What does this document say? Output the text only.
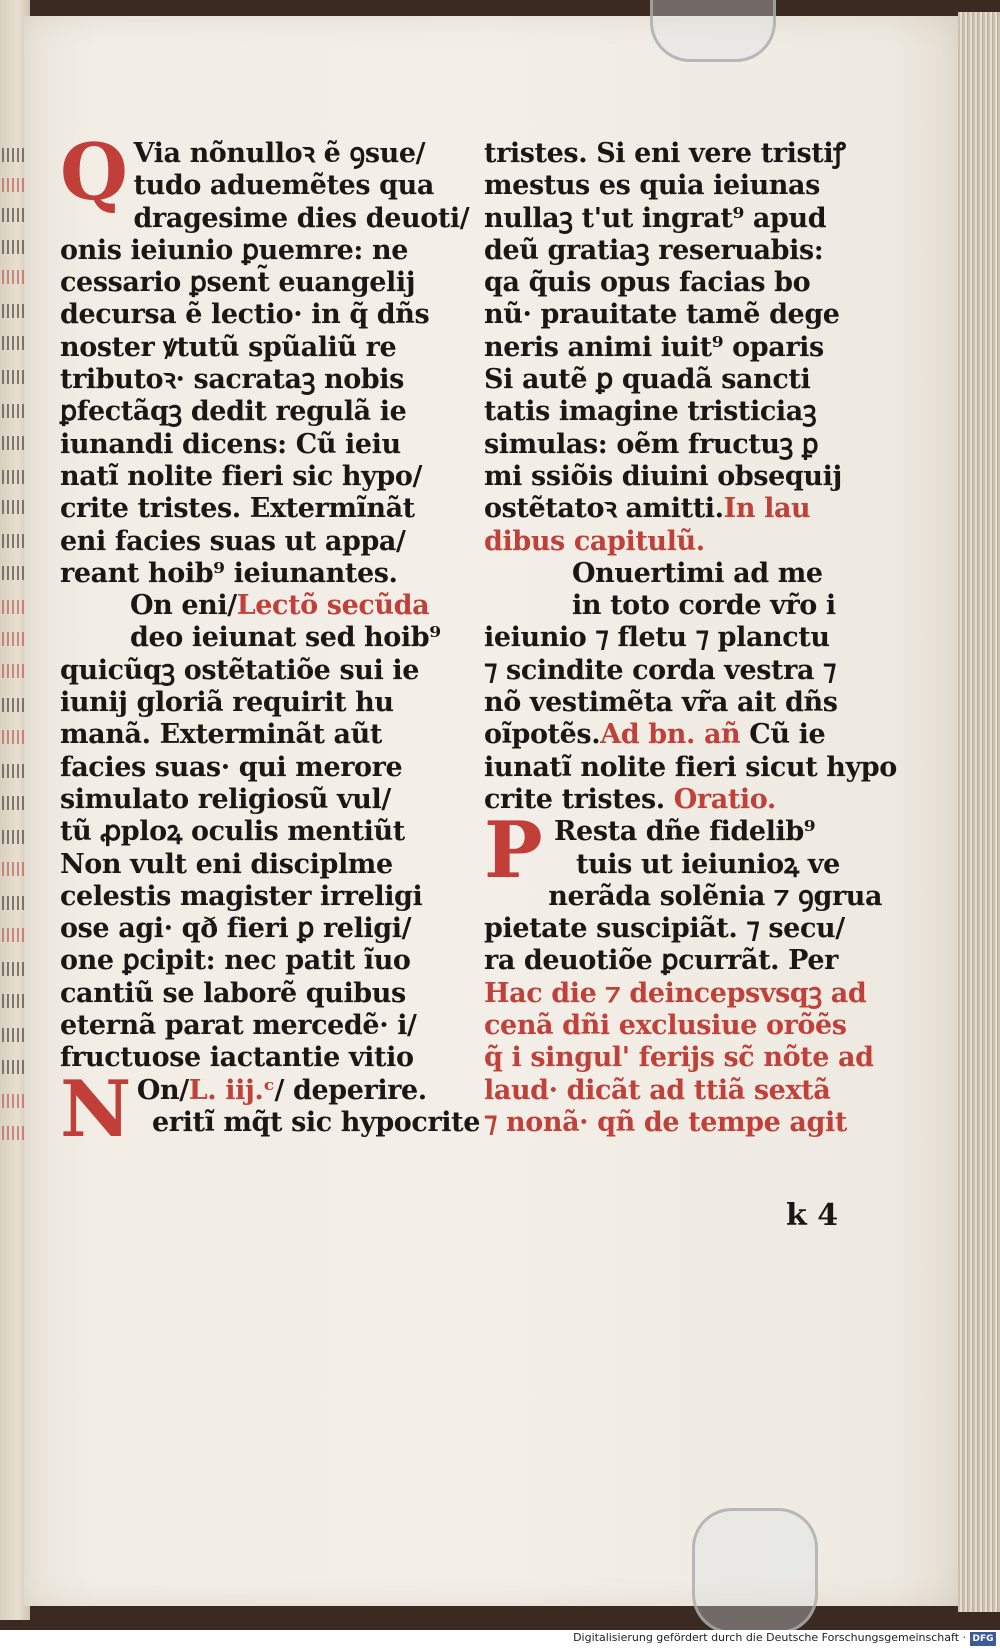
Q Via nõnulloꝛ ẽ ꝯsue/
tudo aduemẽtes qua
dragesime dies deuoti/
onis ieiunio ꝑuemre: ne
cessario ꝑsent̃ euangelij
decursa ẽ lectio· in q̃ dñs
noster ꝟtutũ spũaliũ re
tributoꝛ· sacrataꝫ nobis
ꝑfectãqꝫ dedit regulã ie
iunandi dicens: Cũ ieiu
natĩ nolite fieri sic hypo/
crite tristes. Extermĩnãt
eni facies suas ut appa/
reant hoib⁹ ieiunantes.
On eni/Lectõ secũda
deo ieiunat sed hoib⁹
quicũqꝫ ostẽtatiõe sui ie
iunij gloriã requirit hu
manã. Exterminãt aũt
facies suas· qui merore
simulato religiosũ vul/
tũ ꝓploꝝ oculis mentiũt
Non vult eni disciplme
celestis magister irreligi
ose agi· qð fieri ꝑ religi/
one ꝑcipit: nec patit ĩuo
cantiũ se laborẽ quibus
eternã parat mercedẽ· i/
fructuose iactantie vitio
N On/L. iij.ᶜ/ deperire.
eritĩ mq̃t sic hypocrite
tristes. Si eni vere tristiꝭ
mestus es quia ieiunas
nullaꝫ t'ut ingrat⁹ apud
deũ gratiaꝫ reseruabis:
qa q̃uis opus facias bo
nũ· prauitate tamẽ dege
neris animi iuit⁹ oparis
Si autẽ ꝑ quadã sancti
tatis imagine tristiciaꝫ
simulas: oẽm fructuꝫ ꝑ
mi ssiõis diuini obsequij
ostẽtatoꝛ amitti.In lau
dibus capitulũ.
Onuertimi ad me
in toto corde vr̃o i
ieiunio ⁊ fletu ⁊ planctu
⁊ scindite corda vestra ⁊
nõ vestimẽta vr̃a ait dñs
oĩpotẽs.Ad bn. añ Cũ ie
iunatĩ nolite fieri sicut hypo
crite tristes. Oratio.
P Resta dñe fidelib⁹
tuis ut ieiunioꝝ ve
nerãda solẽnia ⁊ ꝯgrua
pietate suscipiãt. ⁊ secu/
ra deuotiõe ꝑcurrãt. Per
Hac die ⁊ deincepsvsqꝫ ad
cenã dñi exclusiue orõẽs
q̃ i singul' ferijs sc̃ nõte ad
laud· dicãt ad ttiã sextã
⁊ nonã· qñ de tempe agit
k 4
Digitalisierung gefördert durch die Deutsche Forschungsgemeinschaft · DFG
